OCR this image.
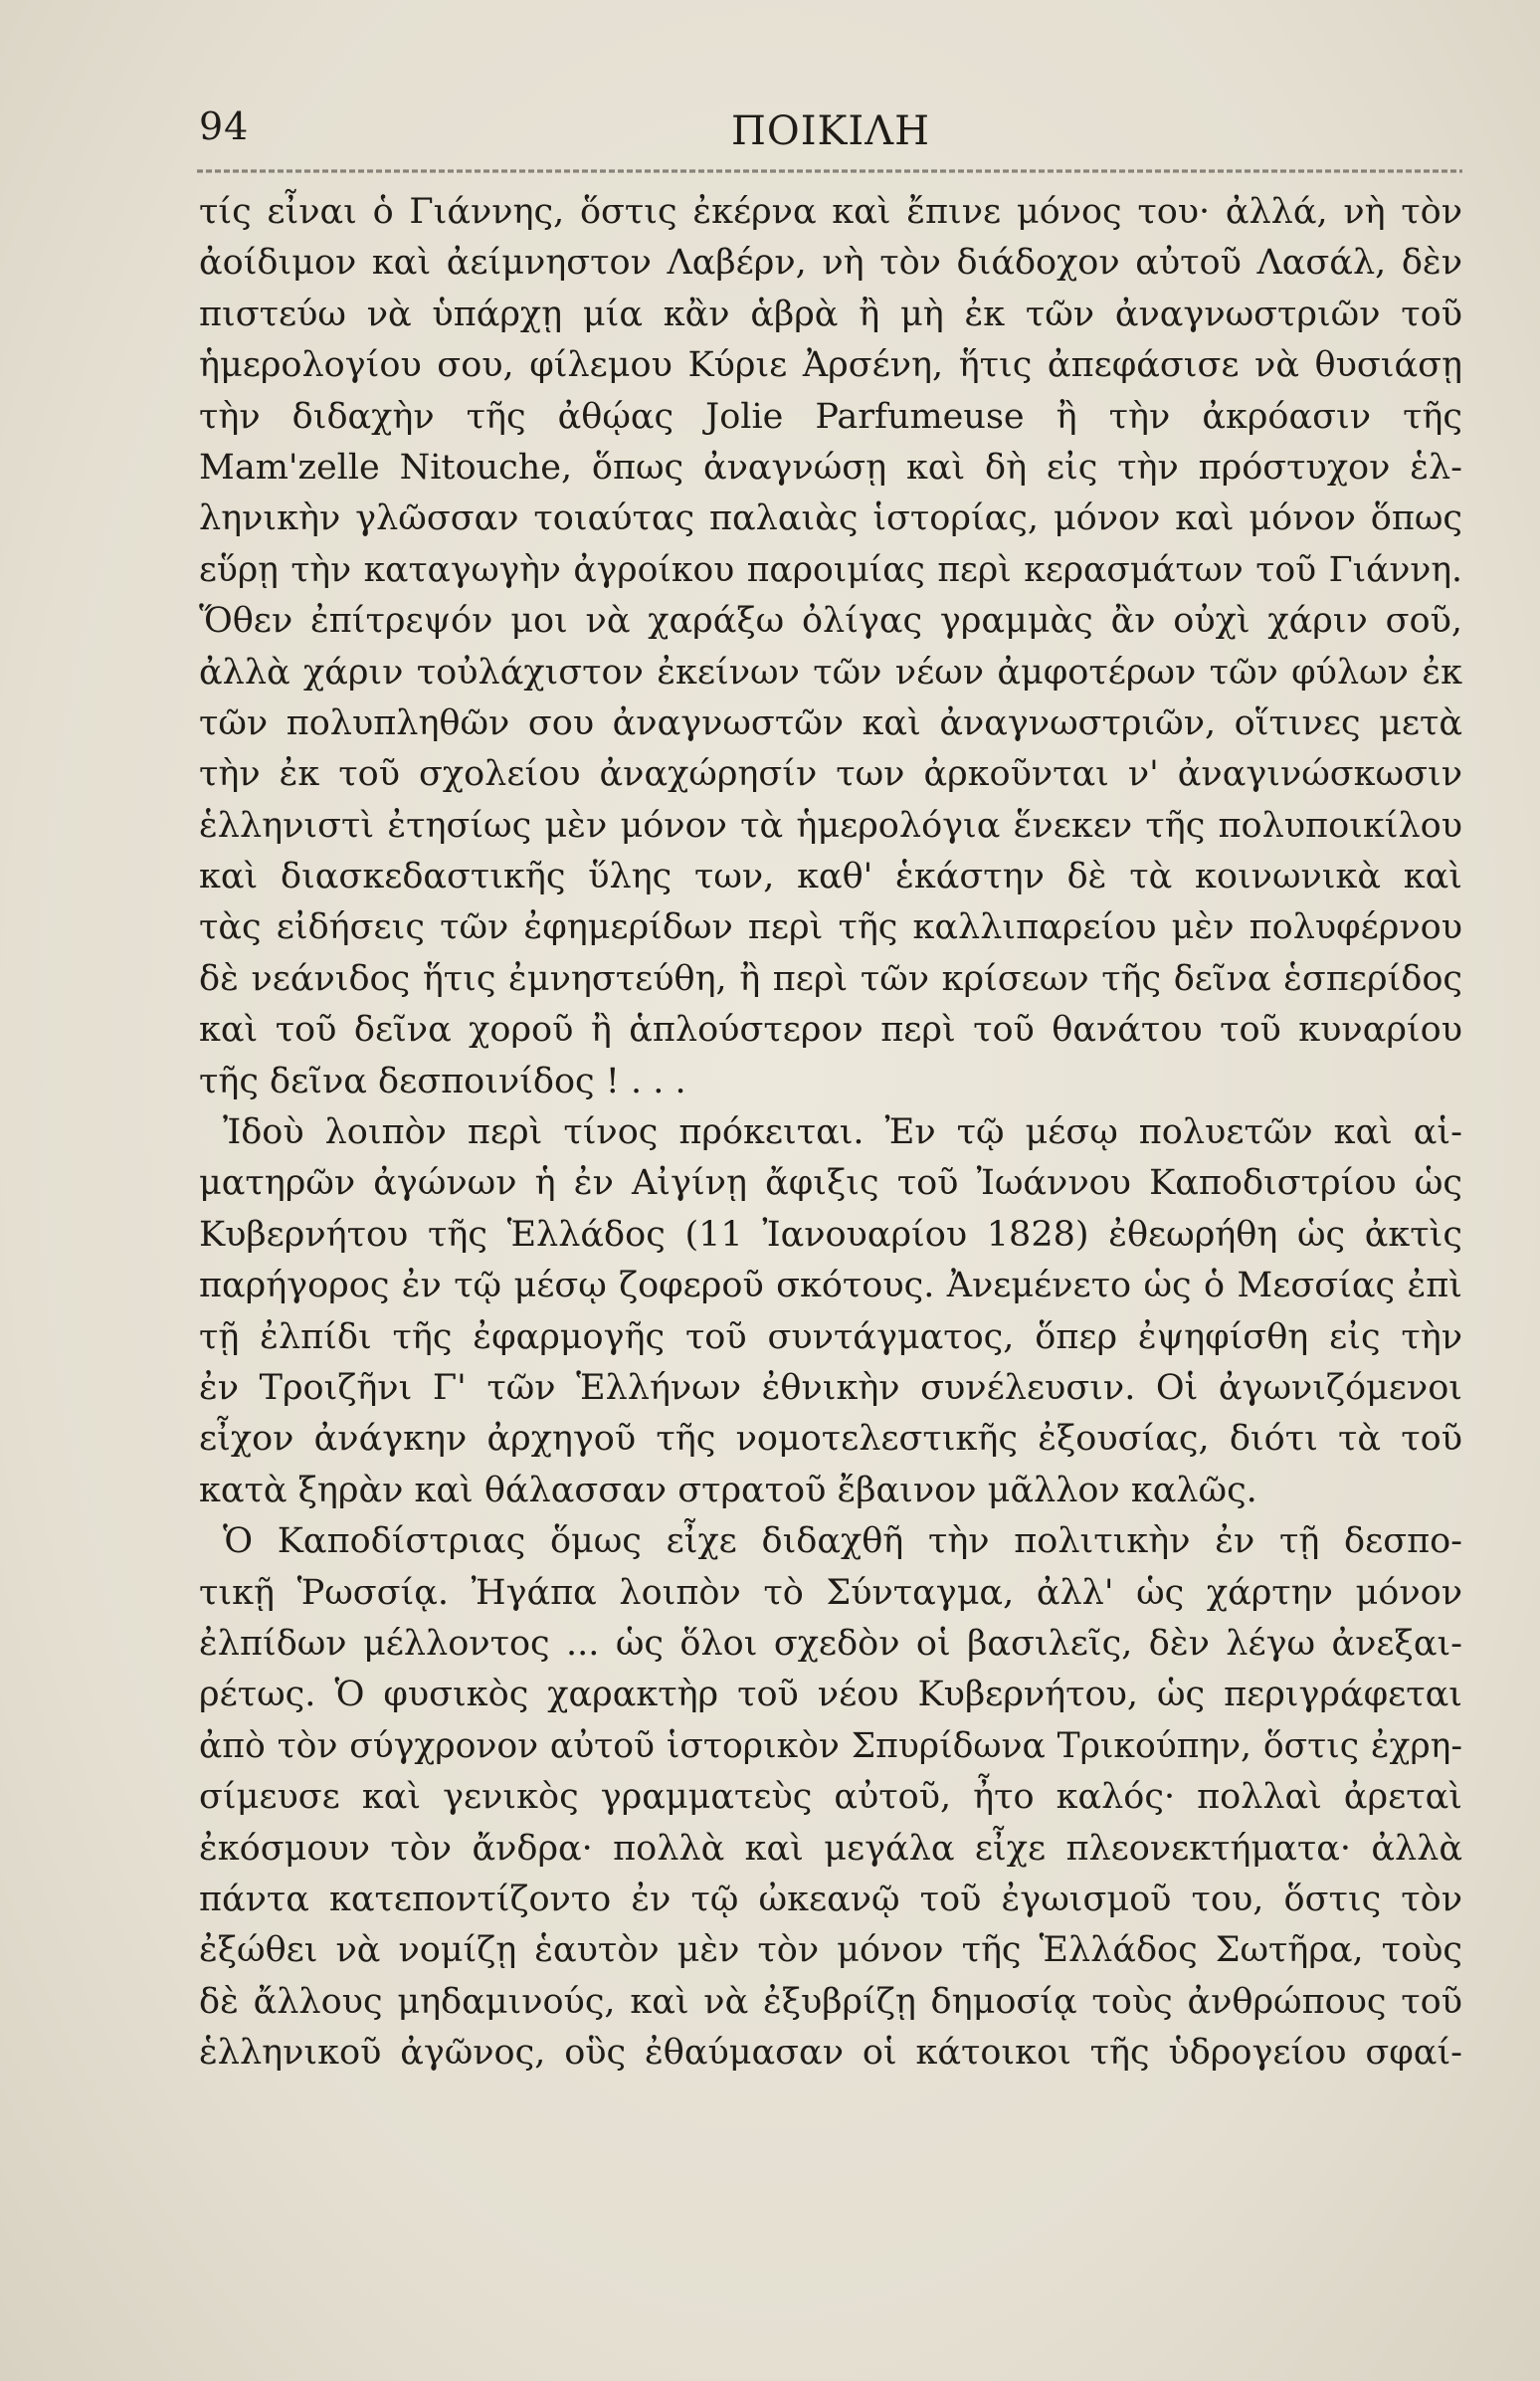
94	ΠΟΙΚΙΛΗ
τίς εἶναι ὁ Γιάννης, ὅστις ἐκέρνα καὶ ἔπινε μόνος του· ἀλλά, νὴ τὸν
ἀοίδιμον καὶ ἀείμνηστον Λαβέρν, νὴ τὸν διάδοχον αὐτοῦ Λασάλ, δὲν
πιστεύω νὰ ὑπάρχῃ μία κἂν ἁβρὰ ἢ μὴ ἐκ τῶν ἀναγνωστριῶν τοῦ
ἡμερολογίου σου, φίλεμου Κύριε Ἀρσένη, ἥτις ἀπεφάσισε νὰ θυσιάσῃ
τὴν διδαχὴν τῆς ἀθῴας Jolie Parfumeuse ἢ τὴν ἀκρόασιν τῆς
Mam'zelle Nitouche, ὅπως ἀναγνώσῃ καὶ δὴ εἰς τὴν πρόστυχον ἑλ-
ληνικὴν γλῶσσαν τοιαύτας παλαιὰς ἱστορίας, μόνον καὶ μόνον ὅπως
εὕρῃ τὴν καταγωγὴν ἀγροίκου παροιμίας περὶ κερασμάτων τοῦ Γιάννη.
Ὅθεν ἐπίτρεψόν μοι νὰ χαράξω ὀλίγας γραμμὰς ἂν οὐχὶ χάριν σοῦ,
ἀλλὰ χάριν τοὐλάχιστον ἐκείνων τῶν νέων ἀμφοτέρων τῶν φύλων ἐκ
τῶν πολυπληθῶν σου ἀναγνωστῶν καὶ ἀναγνωστριῶν, οἵτινες μετὰ
τὴν ἐκ τοῦ σχολείου ἀναχώρησίν των ἀρκοῦνται ν' ἀναγινώσκωσιν
ἑλληνιστὶ ἐτησίως μὲν μόνον τὰ ἡμερολόγια ἕνεκεν τῆς πολυποικίλου
καὶ διασκεδαστικῆς ὕλης των, καθ' ἑκάστην δὲ τὰ κοινωνικὰ καὶ
τὰς εἰδήσεις τῶν ἐφημερίδων περὶ τῆς καλλιπαρείου μὲν πολυφέρνου
δὲ νεάνιδος ἥτις ἐμνηστεύθη, ἢ περὶ τῶν κρίσεων τῆς δεῖνα ἑσπερίδος
καὶ τοῦ δεῖνα χοροῦ ἢ ἁπλούστερον περὶ τοῦ θανάτου τοῦ κυναρίου
τῆς δεῖνα δεσποινίδος ! . . .
Ἰδοὺ λοιπὸν περὶ τίνος πρόκειται. Ἐν τῷ μέσῳ πολυετῶν καὶ αἱ-
ματηρῶν ἀγώνων ἡ ἐν Αἰγίνῃ ἄφιξις τοῦ Ἰωάννου Καποδιστρίου ὡς
Κυβερνήτου τῆς Ἑλλάδος (11 Ἰανουαρίου 1828) ἐθεωρήθη ὡς ἀκτὶς
παρήγορος ἐν τῷ μέσῳ ζοφεροῦ σκότους. Ἀνεμένετο ὡς ὁ Μεσσίας ἐπὶ
τῇ ἐλπίδι τῆς ἐφαρμογῆς τοῦ συντάγματος, ὅπερ ἐψηφίσθη εἰς τὴν
ἐν Τροιζῆνι Γ' τῶν Ἑλλήνων ἐθνικὴν συνέλευσιν. Οἱ ἀγωνιζόμενοι
εἶχον ἀνάγκην ἀρχηγοῦ τῆς νομοτελεστικῆς ἐξουσίας, διότι τὰ τοῦ
κατὰ ξηρὰν καὶ θάλασσαν στρατοῦ ἔβαινον μᾶλλον καλῶς.
Ὁ Καποδίστριας ὅμως εἶχε διδαχθῆ τὴν πολιτικὴν ἐν τῇ δεσπο-
τικῇ Ῥωσσίᾳ. Ἠγάπα λοιπὸν τὸ Σύνταγμα, ἀλλ' ὡς χάρτην μόνον
ἐλπίδων μέλλοντος ... ὡς ὅλοι σχεδὸν οἱ βασιλεῖς, δὲν λέγω ἀνεξαι-
ρέτως. Ὁ φυσικὸς χαρακτὴρ τοῦ νέου Κυβερνήτου, ὡς περιγράφεται
ἀπὸ τὸν σύγχρονον αὐτοῦ ἱστορικὸν Σπυρίδωνα Τρικούπην, ὅστις ἐχρη-
σίμευσε καὶ γενικὸς γραμματεὺς αὐτοῦ, ἦτο καλός· πολλαὶ ἀρεταὶ
ἐκόσμουν τὸν ἄνδρα· πολλὰ καὶ μεγάλα εἶχε πλεονεκτήματα· ἀλλὰ
πάντα κατεποντίζοντο ἐν τῷ ὠκεανῷ τοῦ ἐγωισμοῦ του, ὅστις τὸν
ἐξώθει νὰ νομίζῃ ἑαυτὸν μὲν τὸν μόνον τῆς Ἑλλάδος Σωτῆρα, τοὺς
δὲ ἄλλους μηδαμινούς, καὶ νὰ ἐξυβρίζῃ δημοσίᾳ τοὺς ἀνθρώπους τοῦ
ἑλληνικοῦ ἀγῶνος, οὓς ἐθαύμασαν οἱ κάτοικοι τῆς ὑδρογείου σφαί-
